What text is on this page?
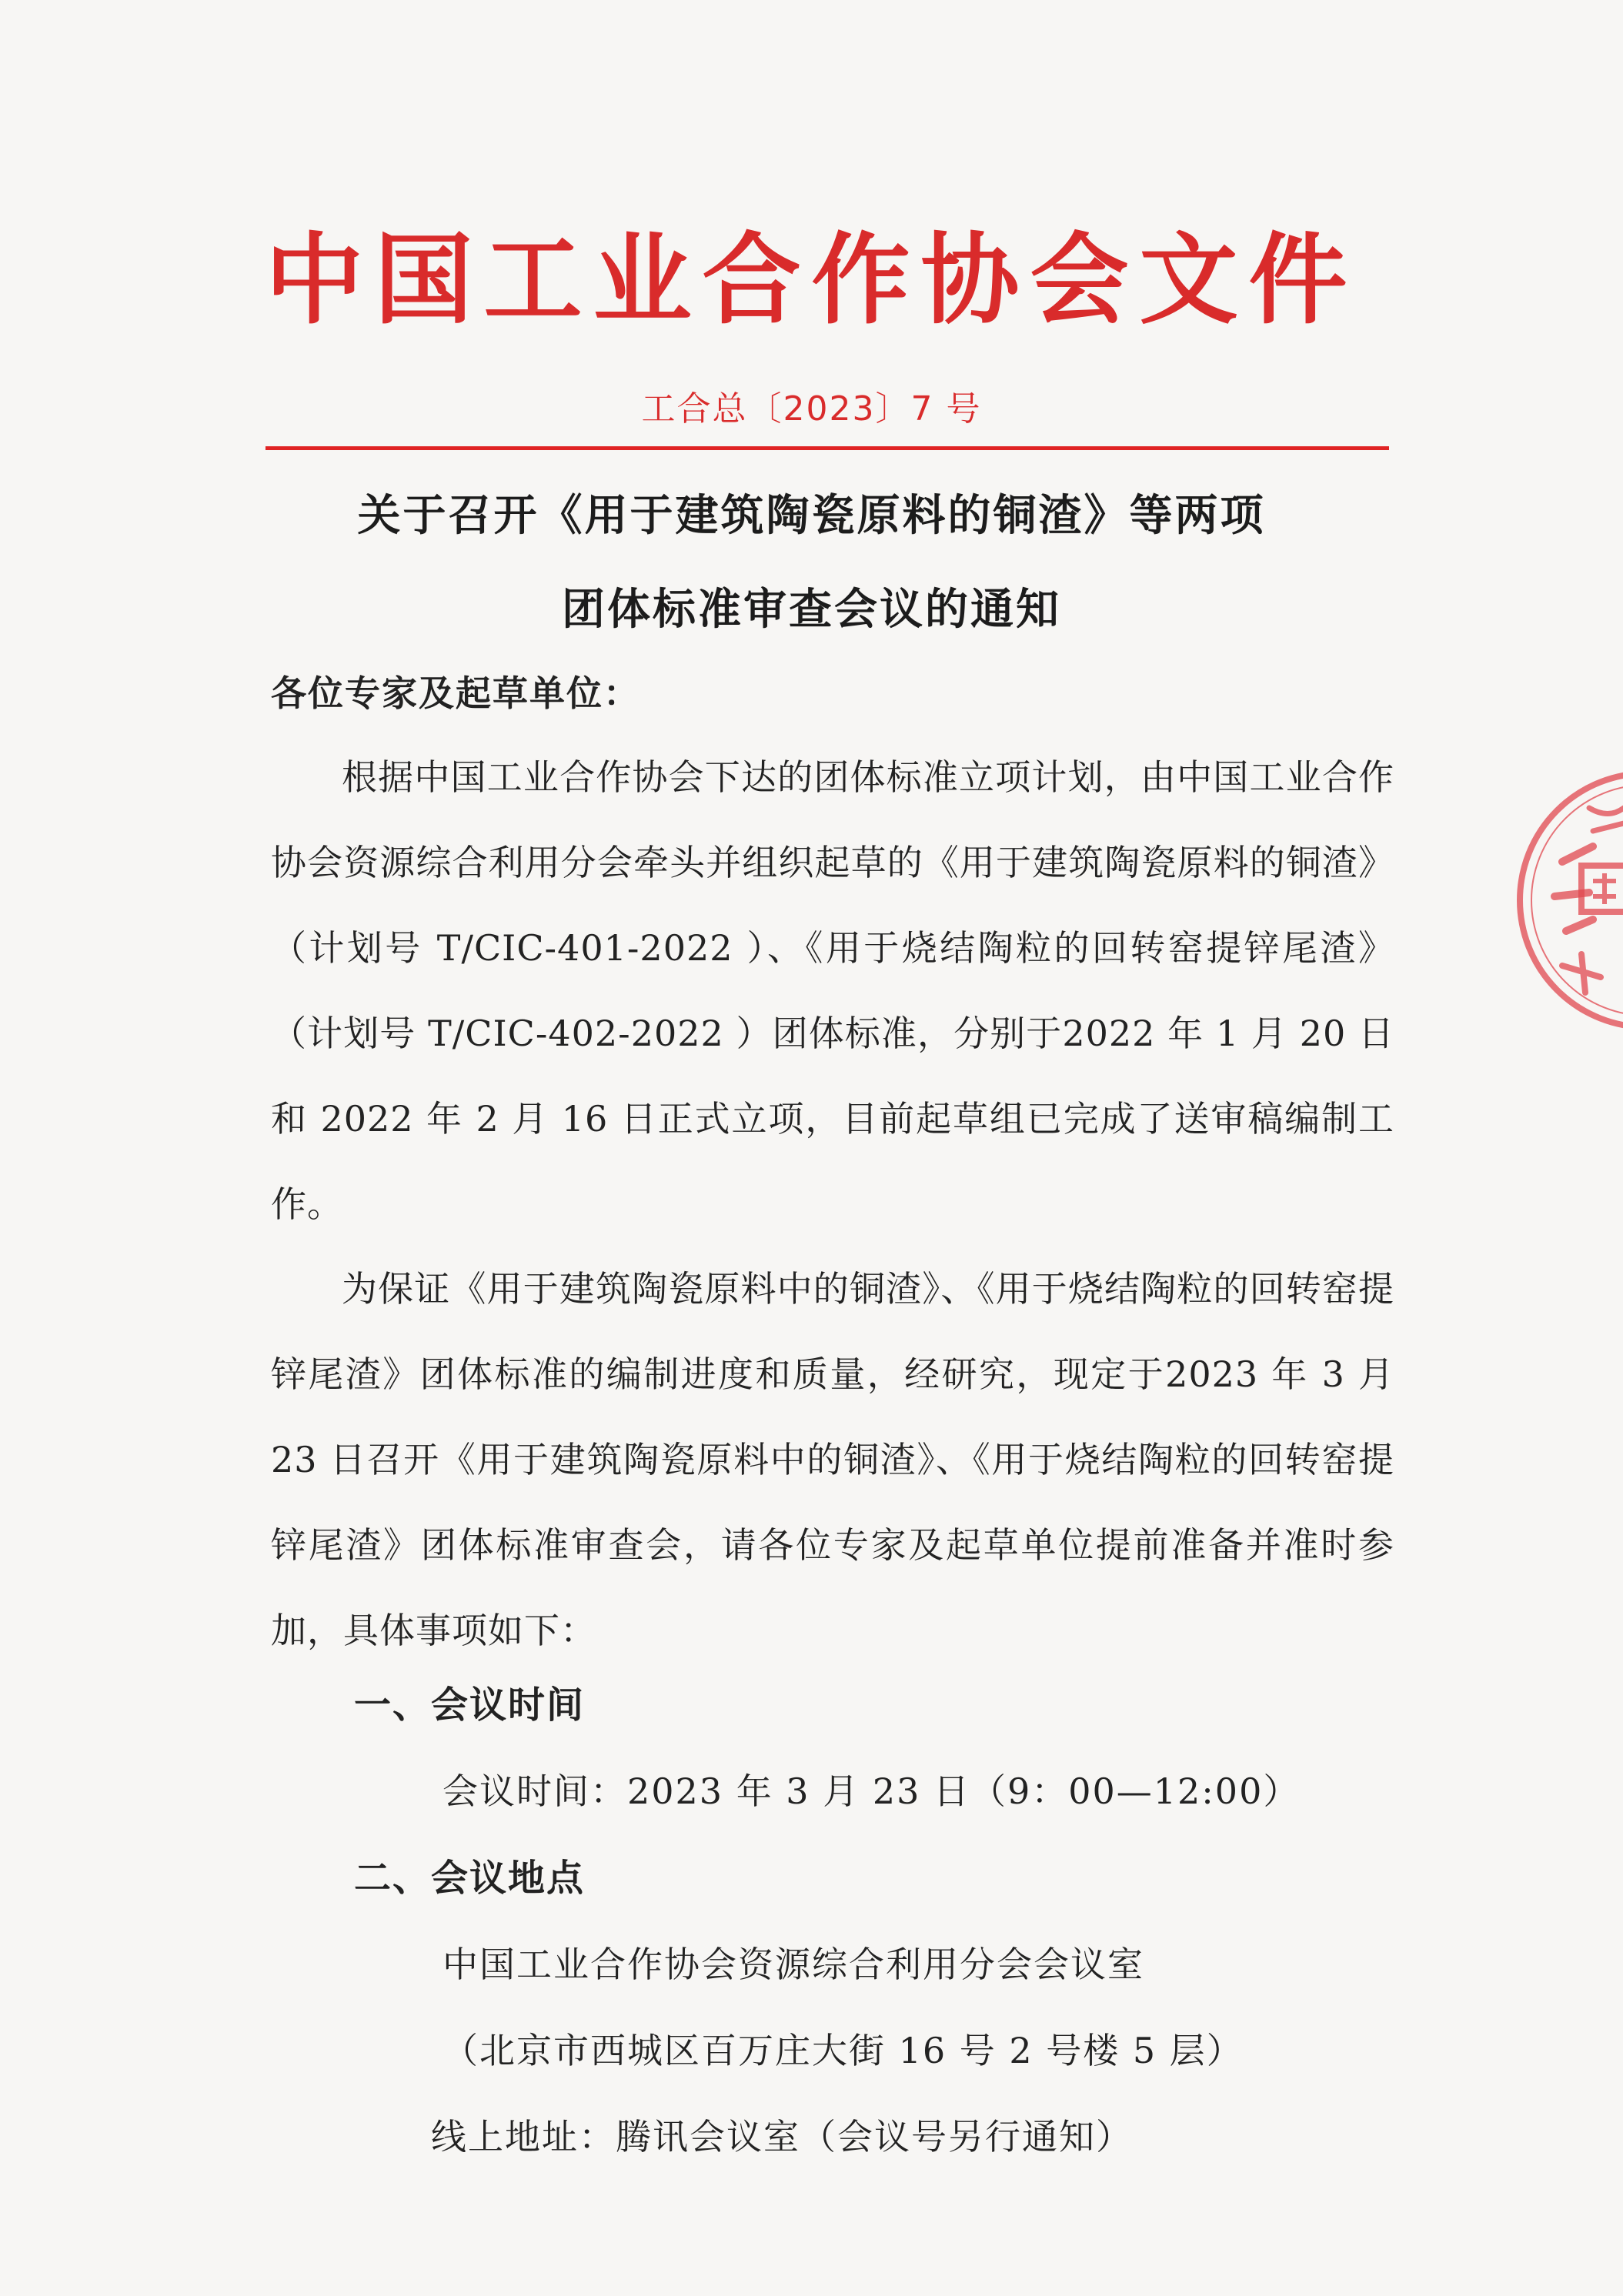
中国工业合作协会文件
工合总〔2023〕7 号
关于召开《用于建筑陶瓷原料的铜渣》等两项
团体标准审查会议的通知
各位专家及起草单位：
根据中国工业合作协会下达的团体标准立项计划，由中国工业合作协会资源综合利用分会牵头并组织起草的《用于建筑陶瓷原料的铜渣》（计划号 T/CIC-401-2022 ）、《用于烧结陶粒的回转窑提锌尾渣》（计划号 T/CIC-402-2022 ）团体标准，分别于2022 年 1 月 20 日和 2022 年 2 月 16 日正式立项，目前起草组已完成了送审稿编制工作。
为保证《用于建筑陶瓷原料中的铜渣》、《用于烧结陶粒的回转窑提锌尾渣》团体标准的编制进度和质量，经研究，现定于2023 年 3 月 23 日召开《用于建筑陶瓷原料中的铜渣》、《用于烧结陶粒的回转窑提锌尾渣》团体标准审查会，请各位专家及起草单位提前准备并准时参加，具体事项如下：
一、会议时间
会议时间：2023 年 3 月 23 日（9：00—12:00）
二、会议地点
中国工业合作协会资源综合利用分会会议室
（北京市西城区百万庄大街 16 号 2 号楼 5 层）
线上地址：腾讯会议室（会议号另行通知）
